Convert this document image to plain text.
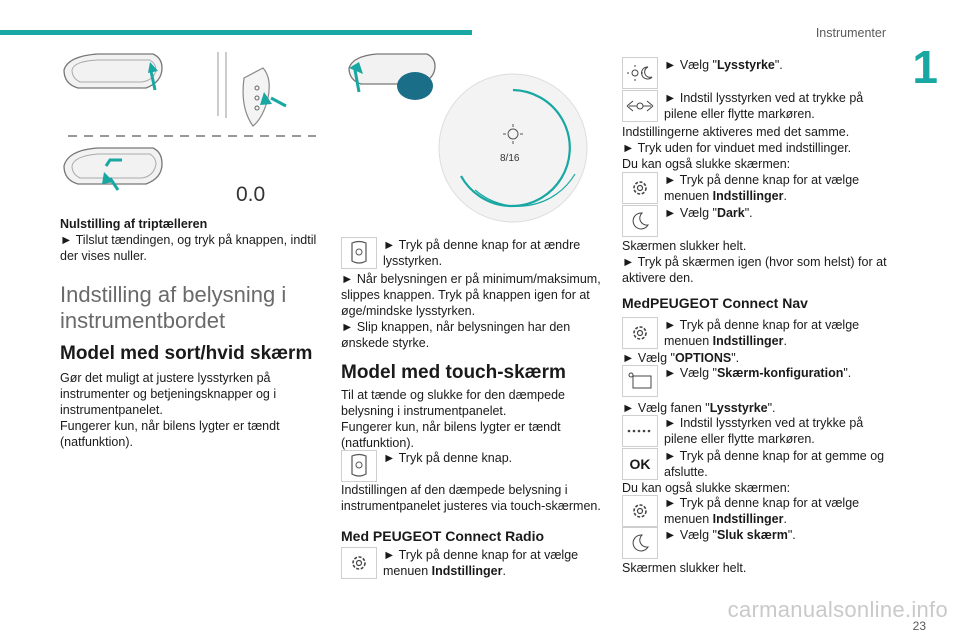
Instrumenter
1
carmanualsonline.info
23
0.0
8/16

Nulstilling af triptælleren

► Tilslut tændingen, og tryk på knappen, indtil der vises nuller.

Indstilling af belysning i
instrumentbordet
Model med sort/hvid skærm

Gør det muligt at justere lysstyrken på instrumenter og betjeningsknapper og i instrumentpanelet.

Fungerer kun, når bilens lygter er tændt (natfunktion).

► Tryk på denne knap for at ændre lysstyrken.

► Når belysningen er på minimum/maksimum, slippes knappen. Tryk på knappen igen for at øge/mindske lysstyrken.

► Slip knappen, når belysningen har den ønskede styrke.

Model med touch-skærm

Til at tænde og slukke for den dæmpede belysning i instrumentpanelet.

Fungerer kun, når bilens lygter er tændt (natfunktion).

► Tryk på denne knap.

Indstillingen af den dæmpede belysning i instrumentpanelet justeres via touch-skærmen.

Med PEUGEOT Connect Radio

► Tryk på denne knap for at vælge menuen Indstillinger.

► Vælg "Lysstyrke".

► Indstil lysstyrken ved at trykke på pilene eller flytte markøren.

Indstillingerne aktiveres med det samme.

► Tryk uden for vinduet med indstillinger.

Du kan også slukke skærmen:

► Tryk på denne knap for at vælge menuen Indstillinger.

► Vælg "Dark".

Skærmen slukker helt.

► Tryk på skærmen igen (hvor som helst) for at aktivere den.

MedPEUGEOT Connect Nav

► Tryk på denne knap for at vælge menuen Indstillinger.

► Vælg "OPTIONS".

► Vælg "Skærm-konfiguration".

► Vælg fanen "Lysstyrke".

► Indstil lysstyrken ved at trykke på pilene eller flytte markøren.

OK ► Tryk på denne knap for at gemme og afslutte.

Du kan også slukke skærmen:

► Tryk på denne knap for at vælge menuen Indstillinger.

► Vælg "Sluk skærm".

Skærmen slukker helt.
